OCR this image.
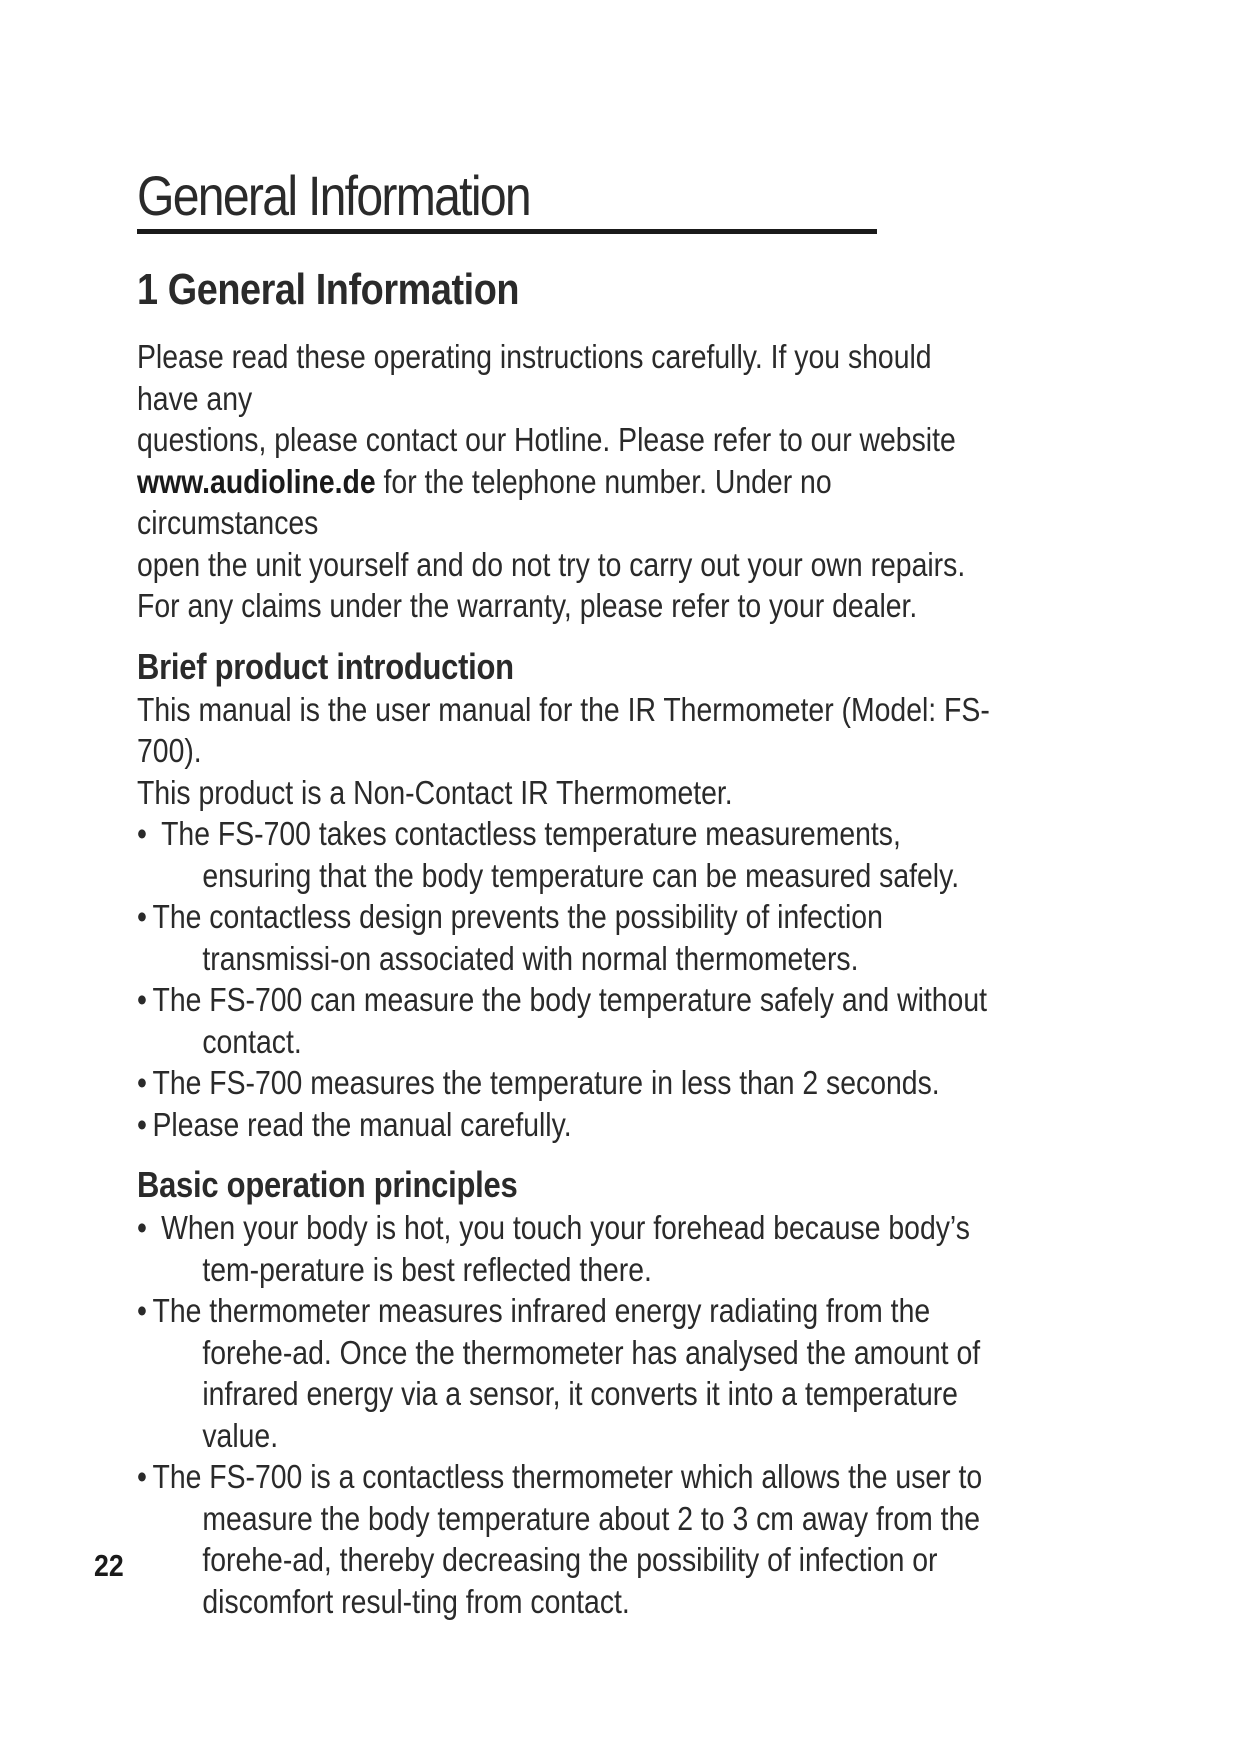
General Information
1 General Information

Please read these operating instructions carefully. If you should have any

questions, please contact our Hotline. Please refer to our website

www.audioline.de for the telephone number. Under no circumstances

open the unit yourself and do not try to carry out your own repairs.

For any claims under the warranty, please refer to your dealer.

Brief product introduction

This manual is the user manual for the IR Thermometer (Model: FS-700).

This product is a Non-Contact IR Thermometer.

• The FS-700 takes contactless temperature measurements, ensuring that the body temperature can be measured safely.
• The contactless design prevents the possibility of infection transmissi-on associated with normal thermometers.
• The FS-700 can measure the body temperature safely and without contact.
• The FS-700 measures the temperature in less than 2 seconds.
• Please read the manual carefully.
Basic operation principles
• When your body is hot, you touch your forehead because body’s tem-perature is best reflected there.
• The thermometer measures infrared energy radiating from the forehe-ad. Once the thermometer has analysed the amount of infrared energy via a sensor, it converts it into a temperature value.
• The FS-700 is a contactless thermometer which allows the user to measure the body temperature about 2 to 3 cm away from the forehe-ad, thereby decreasing the possibility of infection or discomfort resul-ting from contact.
22
